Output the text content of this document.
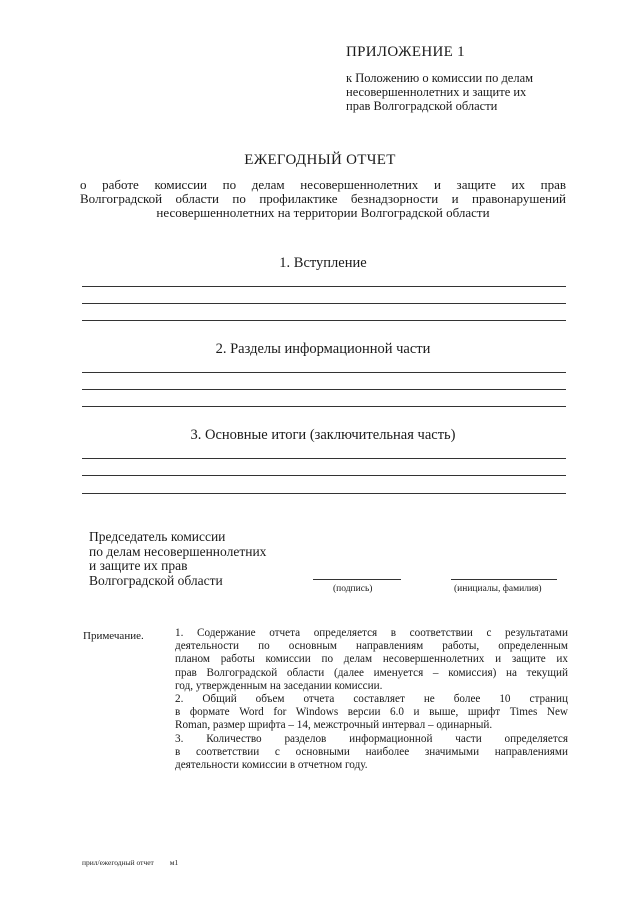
ПРИЛОЖЕНИЕ 1
к Положению о комиссии по делам
несовершеннолетних и защите их
прав Волгоградской области
ЕЖЕГОДНЫЙ ОТЧЕТ
о работе комиссии по делам несовершеннолетних и защите их прав
Волгоградской области по профилактике безнадзорности и правонарушений
несовершеннолетних на территории Волгоградской области
1. Вступление
2. Разделы информационной части
3. Основные итоги (заключительная часть)
Председатель комиссии
по делам несовершеннолетних
и защите их прав
Волгоградской области
(подпись)	(инициалы, фамилия)
Примечание.	1. Содержание отчета определяется в соответствии с результатами
деятельности по основным направлениям работы, определенным
планом работы комиссии по делам несовершеннолетних и защите их
прав Волгоградской области (далее именуется – комиссия) на текущий
год, утвержденным на заседании комиссии.
2. Общий объем отчета составляет не более 10 страниц
в формате Word for Windows версии 6.0 и выше, шрифт Times New
Roman, размер шрифта – 14, межстрочный интервал – одинарный.
3. Количество разделов информационной части определяется
в соответствии с основными наиболее значимыми направлениями
деятельности комиссии в отчетном году.
прил/ежегодный отчет м1
